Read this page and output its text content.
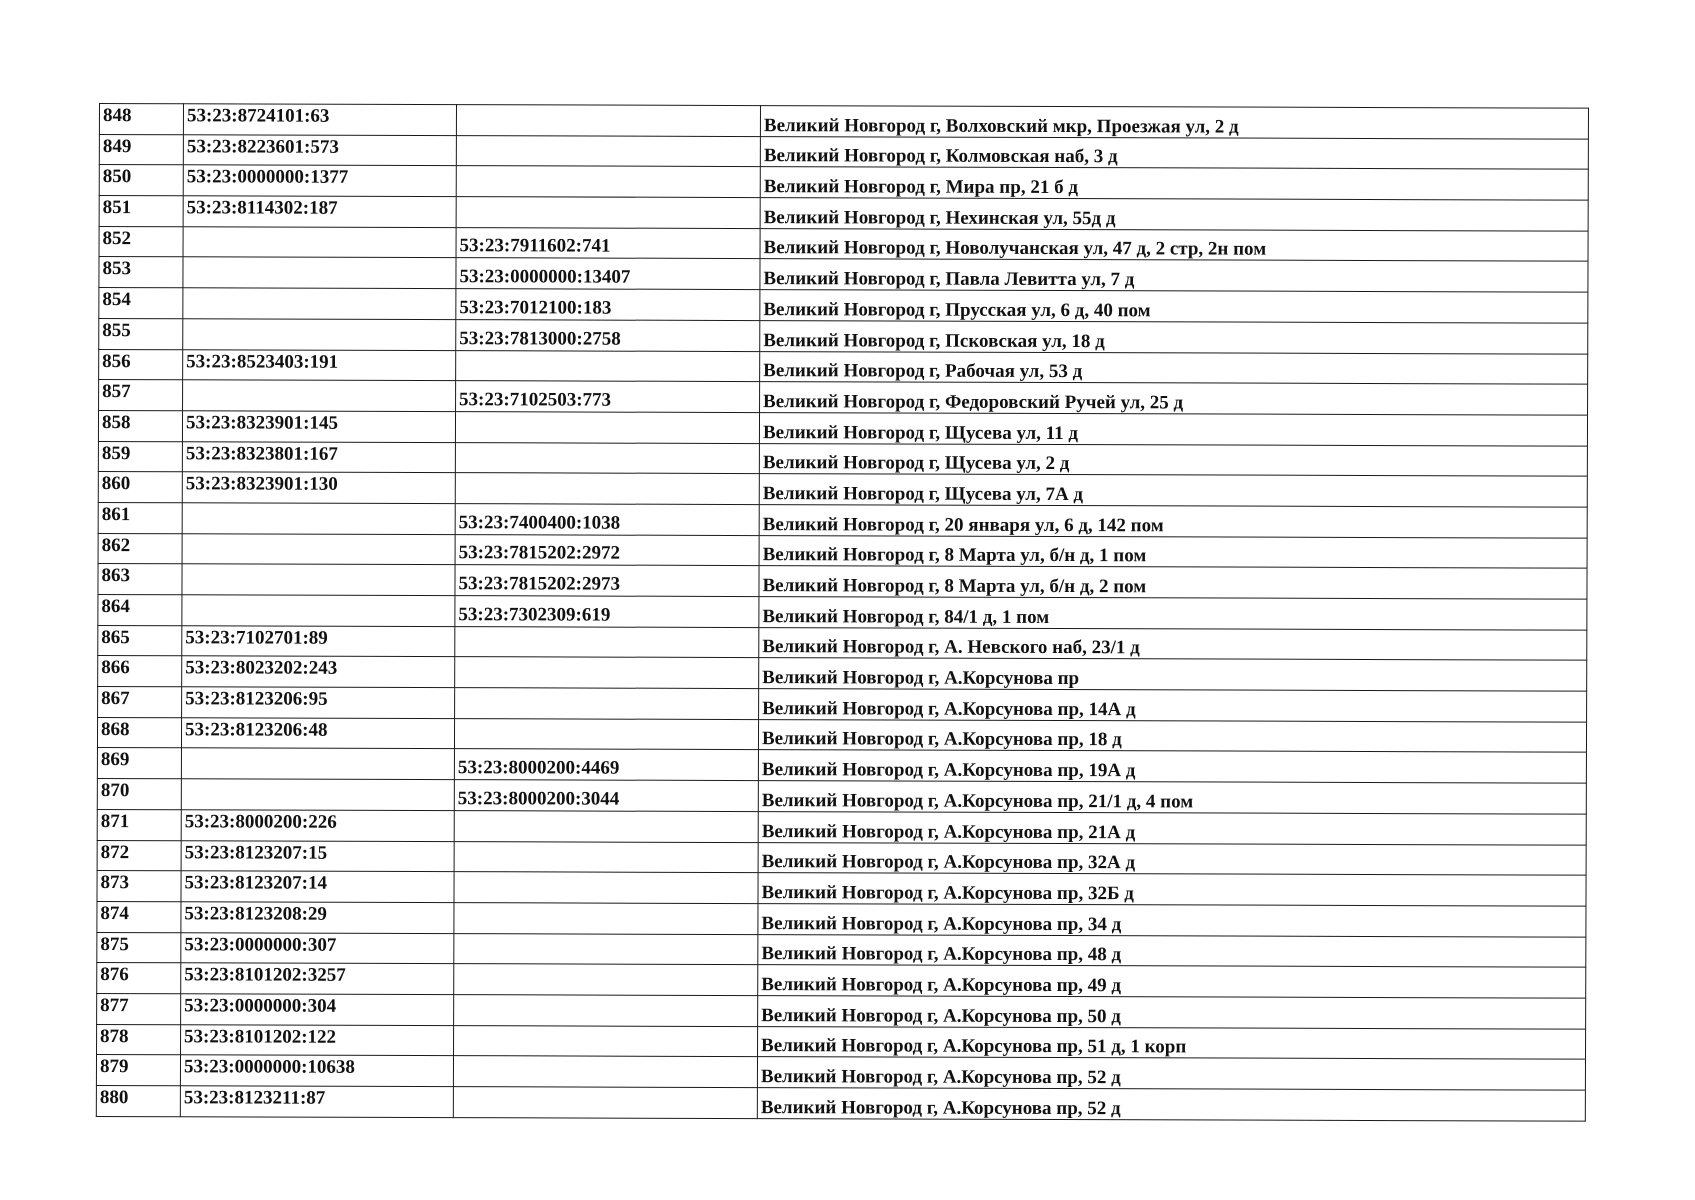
848	53:23:8724101:63		Великий Новгород г, Волховский мкр, Проезжая ул, 2 д
849	53:23:8223601:573		Великий Новгород г, Колмовская наб, 3 д
850	53:23:0000000:1377		Великий Новгород г, Мира пр, 21 б д
851	53:23:8114302:187		Великий Новгород г, Нехинская ул, 55д д
852		53:23:7911602:741	Великий Новгород г, Новолучанская ул, 47 д, 2 стр, 2н пом
853		53:23:0000000:13407	Великий Новгород г, Павла Левитта ул, 7 д
854		53:23:7012100:183	Великий Новгород г, Прусская ул, 6 д, 40 пом
855		53:23:7813000:2758	Великий Новгород г, Псковская ул, 18 д
856	53:23:8523403:191		Великий Новгород г, Рабочая ул, 53 д
857		53:23:7102503:773	Великий Новгород г, Федоровский Ручей ул, 25 д
858	53:23:8323901:145		Великий Новгород г, Щусева ул, 11 д
859	53:23:8323801:167		Великий Новгород г, Щусева ул, 2 д
860	53:23:8323901:130		Великий Новгород г, Щусева ул, 7А д
861		53:23:7400400:1038	Великий Новгород г, 20 января ул, 6 д, 142 пом
862		53:23:7815202:2972	Великий Новгород г, 8 Марта ул, б/н д, 1 пом
863		53:23:7815202:2973	Великий Новгород г, 8 Марта ул, б/н д, 2 пом
864		53:23:7302309:619	Великий Новгород г, 84/1 д, 1 пом
865	53:23:7102701:89		Великий Новгород г, А. Невского наб, 23/1 д
866	53:23:8023202:243		Великий Новгород г, А.Корсунова пр
867	53:23:8123206:95		Великий Новгород г, А.Корсунова пр, 14А д
868	53:23:8123206:48		Великий Новгород г, А.Корсунова пр, 18 д
869		53:23:8000200:4469	Великий Новгород г, А.Корсунова пр, 19А д
870		53:23:8000200:3044	Великий Новгород г, А.Корсунова пр, 21/1 д, 4 пом
871	53:23:8000200:226		Великий Новгород г, А.Корсунова пр, 21А д
872	53:23:8123207:15		Великий Новгород г, А.Корсунова пр, 32А д
873	53:23:8123207:14		Великий Новгород г, А.Корсунова пр, 32Б д
874	53:23:8123208:29		Великий Новгород г, А.Корсунова пр, 34 д
875	53:23:0000000:307		Великий Новгород г, А.Корсунова пр, 48 д
876	53:23:8101202:3257		Великий Новгород г, А.Корсунова пр, 49 д
877	53:23:0000000:304		Великий Новгород г, А.Корсунова пр, 50 д
878	53:23:8101202:122		Великий Новгород г, А.Корсунова пр, 51 д, 1 корп
879	53:23:0000000:10638		Великий Новгород г, А.Корсунова пр, 52 д
880	53:23:8123211:87		Великий Новгород г, А.Корсунова пр, 52 д
